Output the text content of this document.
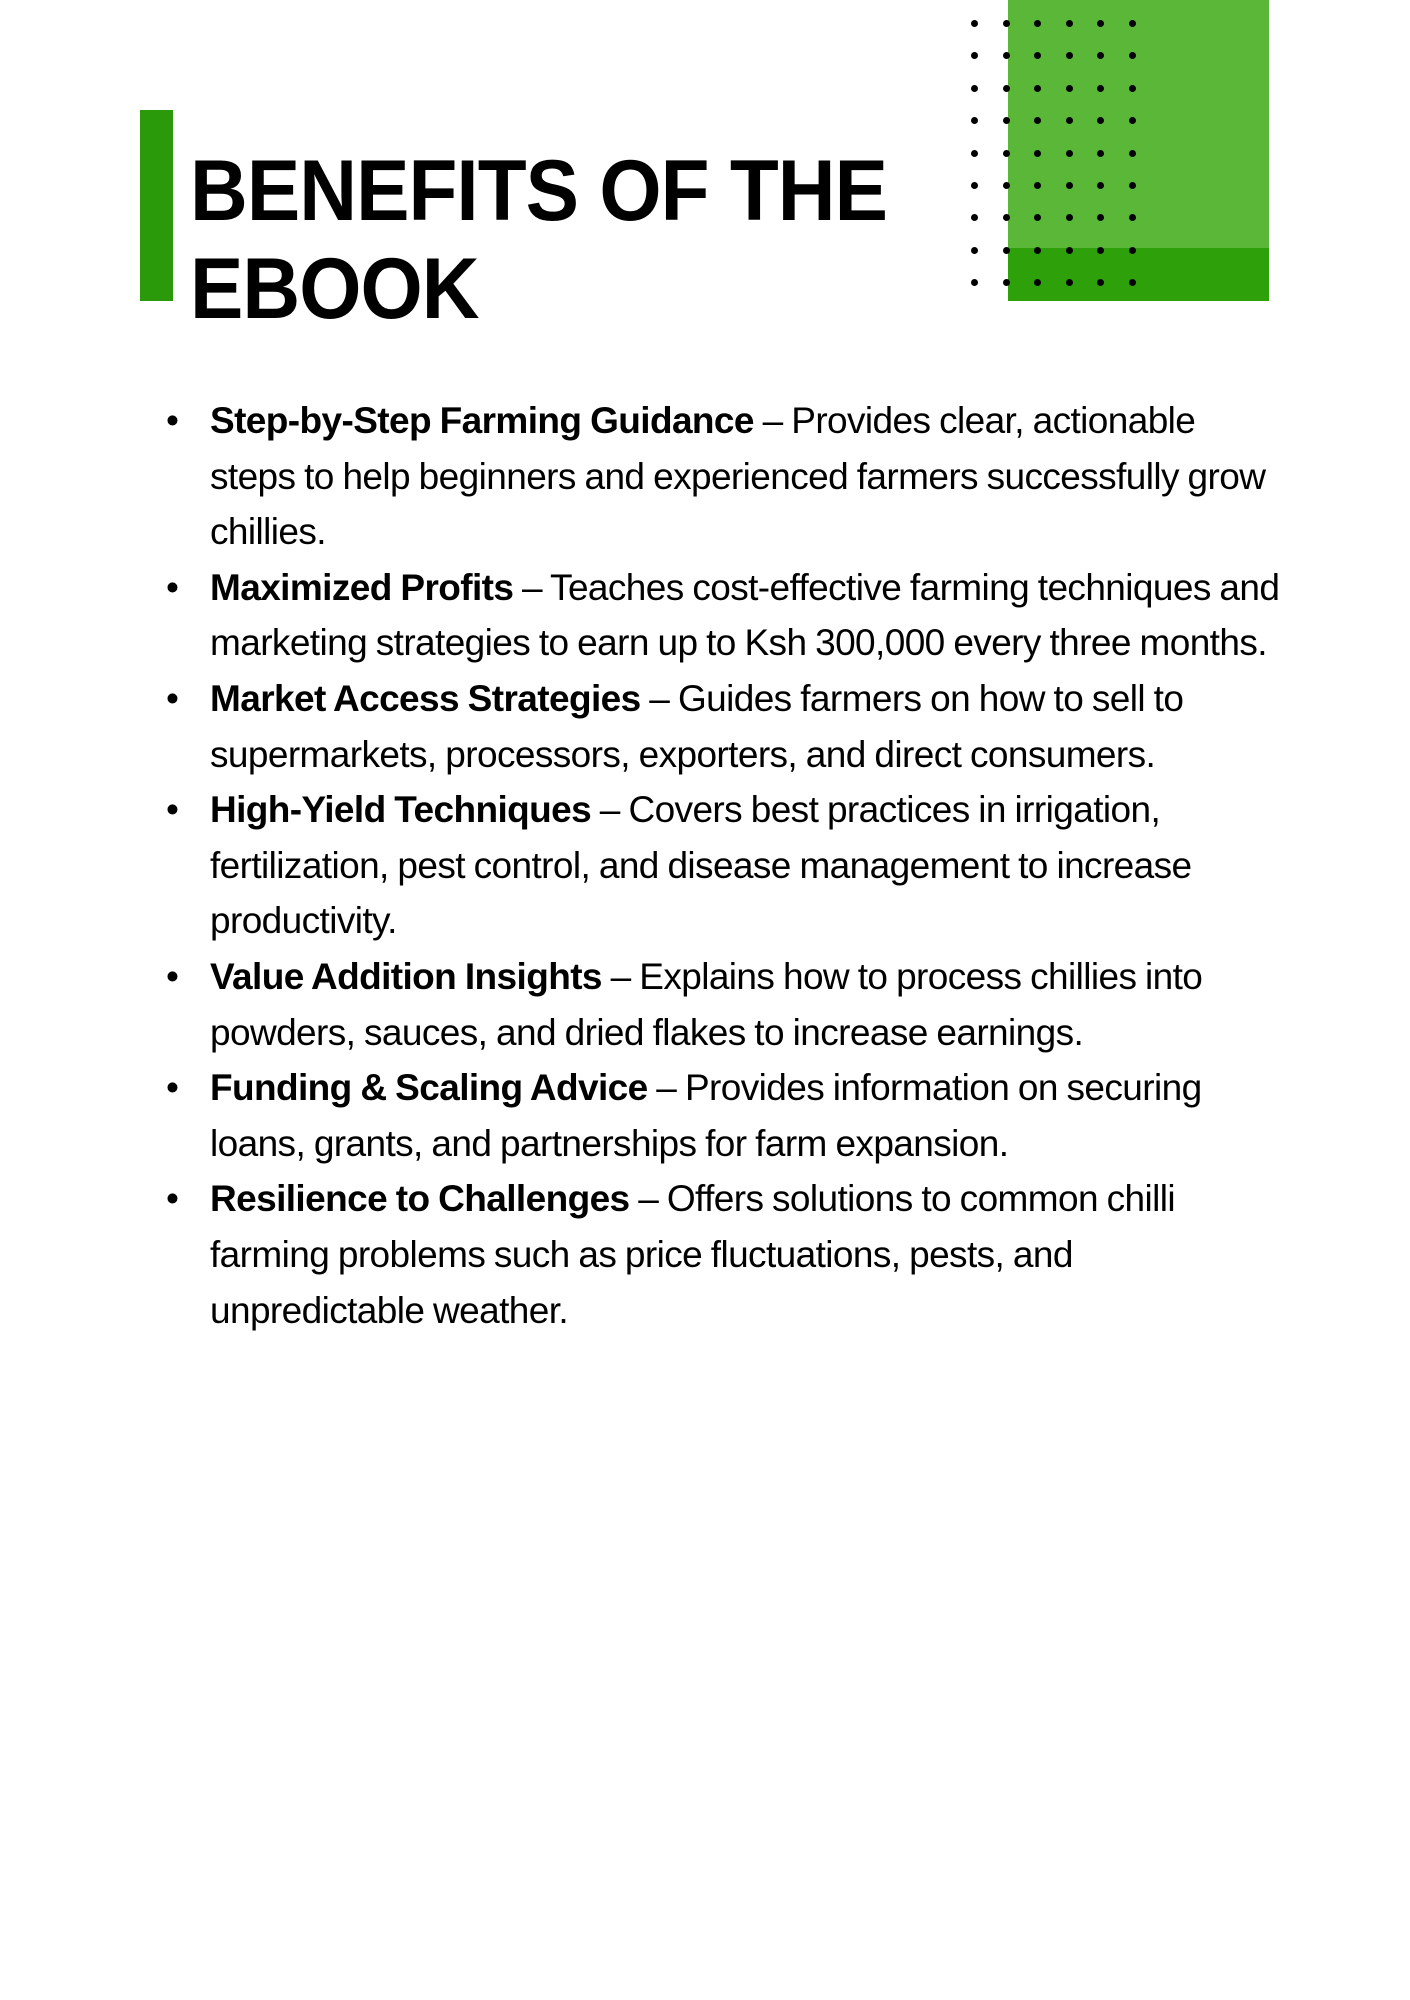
BENEFITS OF THE
EBOOK
• Step-by-Step Farming Guidance – Provides clear, actionable steps to help beginners and experienced farmers successfully grow chillies.
• Maximized Profits – Teaches cost-effective farming techniques and marketing strategies to earn up to Ksh 300,000 every three months.
• Market Access Strategies – Guides farmers on how to sell to supermarkets, processors, exporters, and direct consumers.
• High-Yield Techniques – Covers best practices in irrigation, fertilization, pest control, and disease management to increase productivity.
• Value Addition Insights – Explains how to process chillies into powders, sauces, and dried flakes to increase earnings.
• Funding & Scaling Advice – Provides information on securing loans, grants, and partnerships for farm expansion.
• Resilience to Challenges – Offers solutions to common chilli farming problems such as price fluctuations, pests, and unpredictable weather.
